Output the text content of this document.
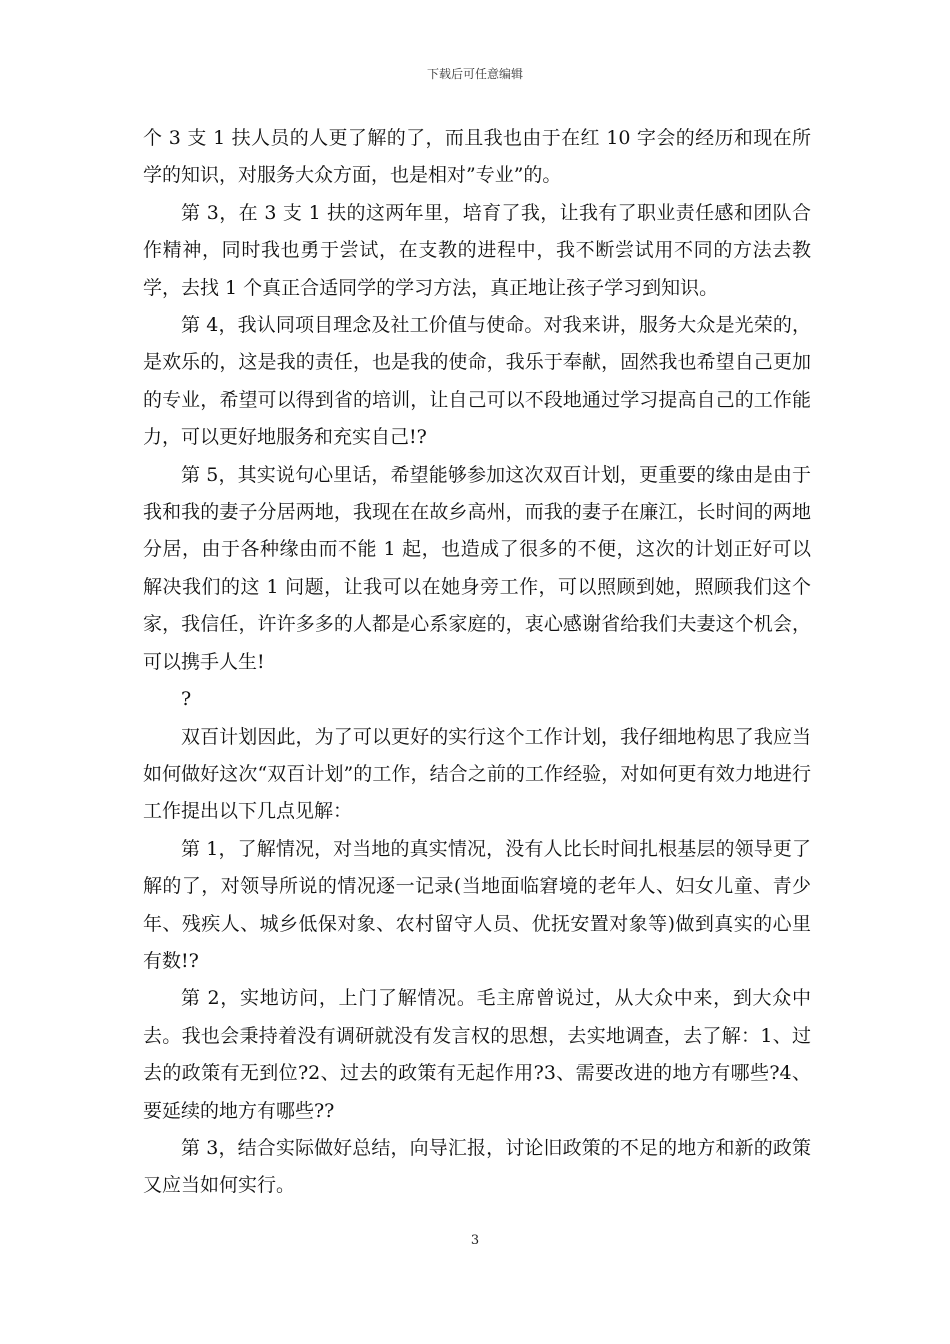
下载后可任意编辑

个 3 支 1 扶人员的人更了解的了，而且我也由于在红 10 字会的经历和现在所学的知识，对服务大众方面，也是相对”专业”的。

第 3，在 3 支 1 扶的这两年里，培育了我，让我有了职业责任感和团队合作精神，同时我也勇于尝试，在支教的进程中，我不断尝试用不同的方法去教学，去找 1 个真正合适同学的学习方法，真正地让孩子学习到知识。

第 4，我认同项目理念及社工价值与使命。对我来讲，服务大众是光荣的，是欢乐的，这是我的责任，也是我的使命，我乐于奉献，固然我也希望自己更加的专业，希望可以得到省的培训，让自己可以不段地通过学习提高自己的工作能力，可以更好地服务和充实自己!?

第 5，其实说句心里话，希望能够参加这次双百计划，更重要的缘由是由于我和我的妻子分居两地，我现在在故乡高州，而我的妻子在廉江，长时间的两地分居，由于各种缘由而不能 1 起，也造成了很多的不便，这次的计划正好可以解决我们的这 1 问题，让我可以在她身旁工作，可以照顾到她，照顾我们这个家，我信任，许许多多的人都是心系家庭的，衷心感谢省给我们夫妻这个机会，可以携手人生!

?

双百计划因此，为了可以更好的实行这个工作计划，我仔细地构思了我应当如何做好这次“双百计划”的工作，结合之前的工作经验，对如何更有效力地进行工作提出以下几点见解：

第 1，了解情况，对当地的真实情况，没有人比长时间扎根基层的领导更了解的了，对领导所说的情况逐一记录(当地面临窘境的老年人、妇女儿童、青少年、残疾人、城乡低保对象、农村留守人员、优抚安置对象等)做到真实的心里有数!?

第 2，实地访问，上门了解情况。毛主席曾说过，从大众中来，到大众中去。我也会秉持着没有调研就没有发言权的思想，去实地调查，去了解：1、过去的政策有无到位?2、过去的政策有无起作用?3、需要改进的地方有哪些?4、要延续的地方有哪些??

第 3，结合实际做好总结，向导汇报，讨论旧政策的不足的地方和新的政策又应当如何实行。

3
